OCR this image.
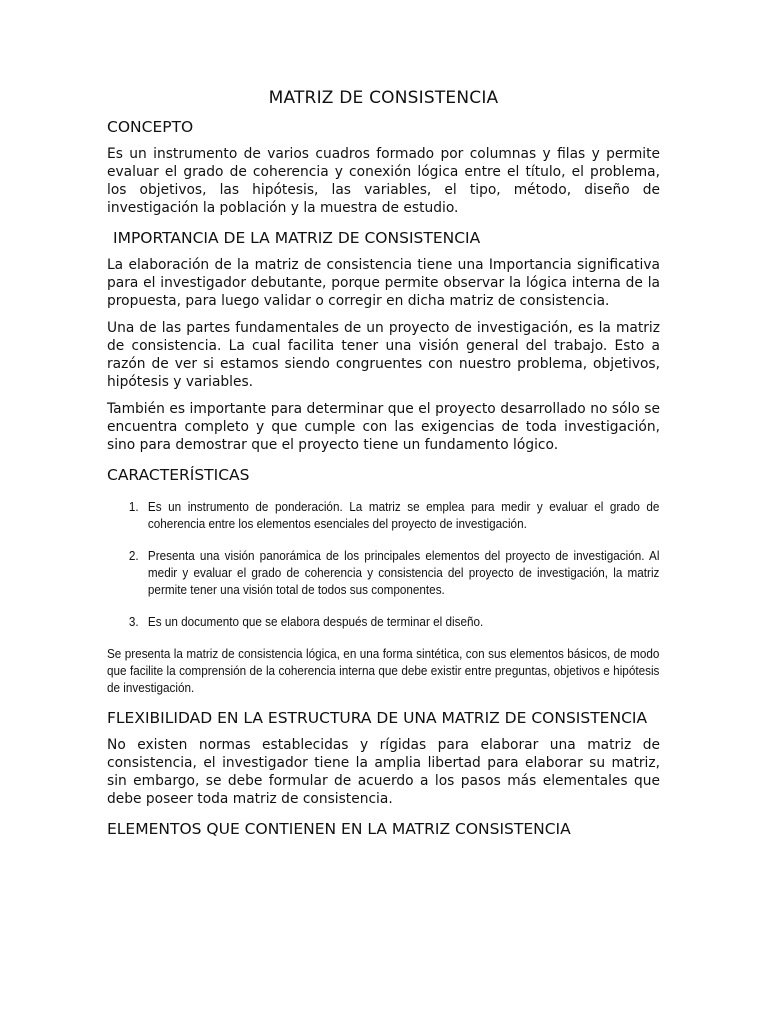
MATRIZ DE CONSISTENCIA
CONCEPTO

Es un instrumento de varios cuadros formado por columnas y filas y permite evaluar el grado de coherencia y conexión lógica entre el título, el problema, los objetivos, las hipótesis, las variables, el tipo, método, diseño de investigación la población y la muestra de estudio.

IMPORTANCIA DE LA MATRIZ DE CONSISTENCIA

La elaboración de la matriz de consistencia tiene una Importancia significativa para el investigador debutante, porque permite observar la lógica interna de la propuesta, para luego validar o corregir en dicha matriz de consistencia.

Una de las partes fundamentales de un proyecto de investigación, es la matriz de consistencia. La cual facilita tener una visión general del trabajo. Esto a razón de ver si estamos siendo congruentes con nuestro problema, objetivos, hipótesis y variables.

También es importante para determinar que el proyecto desarrollado no sólo se encuentra completo y que cumple con las exigencias de toda investigación, sino para demostrar que el proyecto tiene un fundamento lógico.

CARACTERÍSTICAS
1. Es un instrumento de ponderación. La matriz se emplea para medir y evaluar el grado de coherencia entre los elementos esenciales del proyecto de investigación.
2. Presenta una visión panorámica de los principales elementos del proyecto de investigación. Al medir y evaluar el grado de coherencia y consistencia del proyecto de investigación, la matriz permite tener una visión total de todos sus componentes.
3. Es un documento que se elabora después de terminar el diseño.

Se presenta la matriz de consistencia lógica, en una forma sintética, con sus elementos básicos, de modo que facilite la comprensión de la coherencia interna que debe existir entre preguntas, objetivos e hipótesis de investigación.

FLEXIBILIDAD EN LA ESTRUCTURA DE UNA MATRIZ DE CONSISTENCIA

No existen normas establecidas y rígidas para elaborar una matriz de consistencia, el investigador tiene la amplia libertad para elaborar su matriz, sin embargo, se debe formular de acuerdo a los pasos más elementales que debe poseer toda matriz de consistencia.

ELEMENTOS QUE CONTIENEN EN LA MATRIZ CONSISTENCIA
